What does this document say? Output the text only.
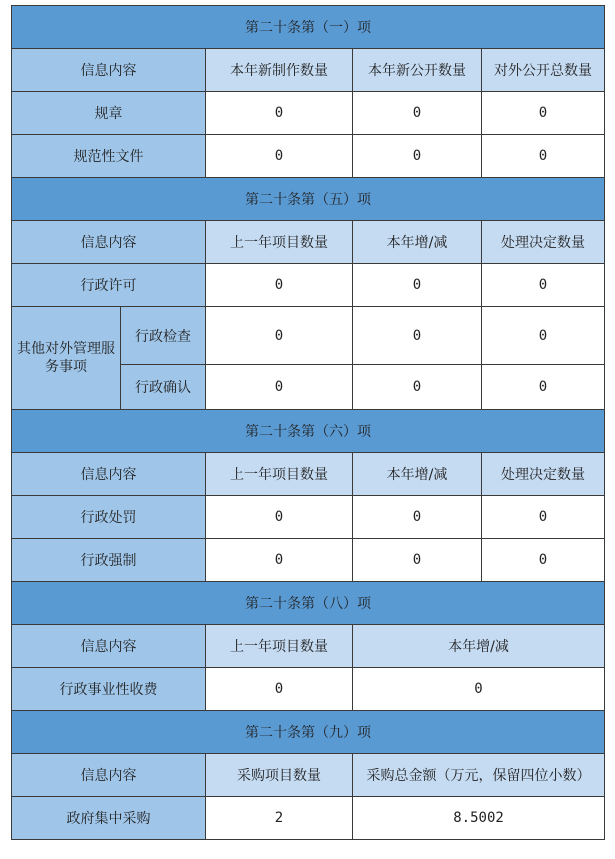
第二十条第（一）项				
信息内容		本年新制作数量	本年新公开数量	对外公开总数量
规章		0	0	0
规范性文件		0	0	0
第二十条第（五）项				
信息内容		上一年项目数量	本年增/减	处理决定数量
行政许可		0	0	0
其他对外管理服务事项	行政检查	0	0	0
	行政确认	0	0	0
第二十条第（六）项				
信息内容		上一年项目数量	本年增/减	处理决定数量
行政处罚		0	0	0
行政强制		0	0	0
第二十条第（八）项				
信息内容		上一年项目数量	本年增/减	
行政事业性收费		0	0	
第二十条第（九）项				
信息内容		采购项目数量	采购总金额（万元，保留四位小数）	
政府集中采购		2	8.5002	
